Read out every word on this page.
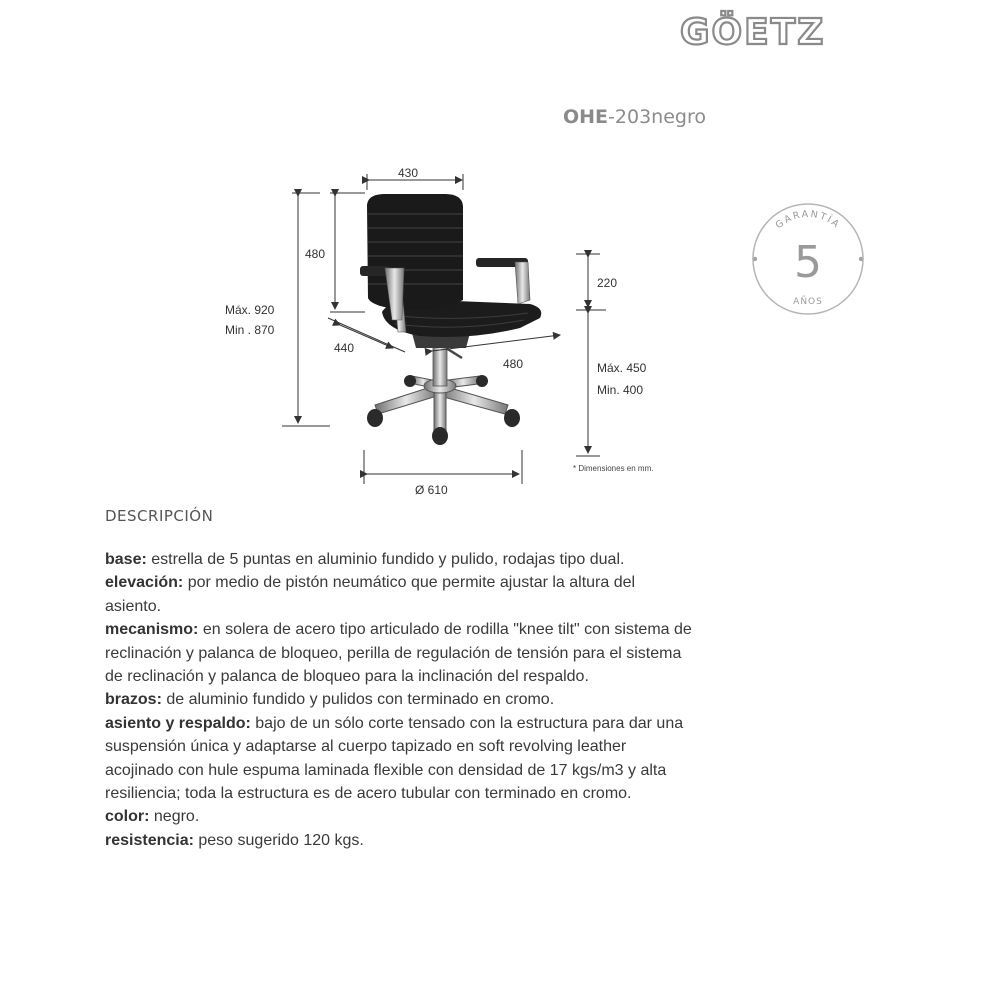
GÖETZ
OHE-203negro
430
480
Máx. 920
Min . 870
440
480
220
Máx. 450
Min. 400
Ø 610
* Dimensiones en mm.
GARANTÍA
5
AÑOS
DESCRIPCIÓN

base: estrella de 5 puntas en aluminio fundido y pulido, rodajas tipo dual.

elevación: por medio de pistón neumático que permite ajustar la altura del asiento.

mecanismo: en solera de acero tipo articulado de rodilla "knee tilt" con sistema de reclinación y palanca de bloqueo, perilla de regulación de tensión para el sistema de reclinación y palanca de bloqueo para la inclinación del respaldo.

brazos: de aluminio fundido y pulidos con terminado en cromo.

asiento y respaldo: bajo de un sólo corte tensado con la estructura para dar una suspensión única y adaptarse al cuerpo tapizado en soft revolving leather acojinado con hule espuma laminada flexible con densidad de 17 kgs/m3 y alta resiliencia; toda la estructura es de acero tubular con terminado en cromo.

color: negro.

resistencia: peso sugerido 120 kgs.
